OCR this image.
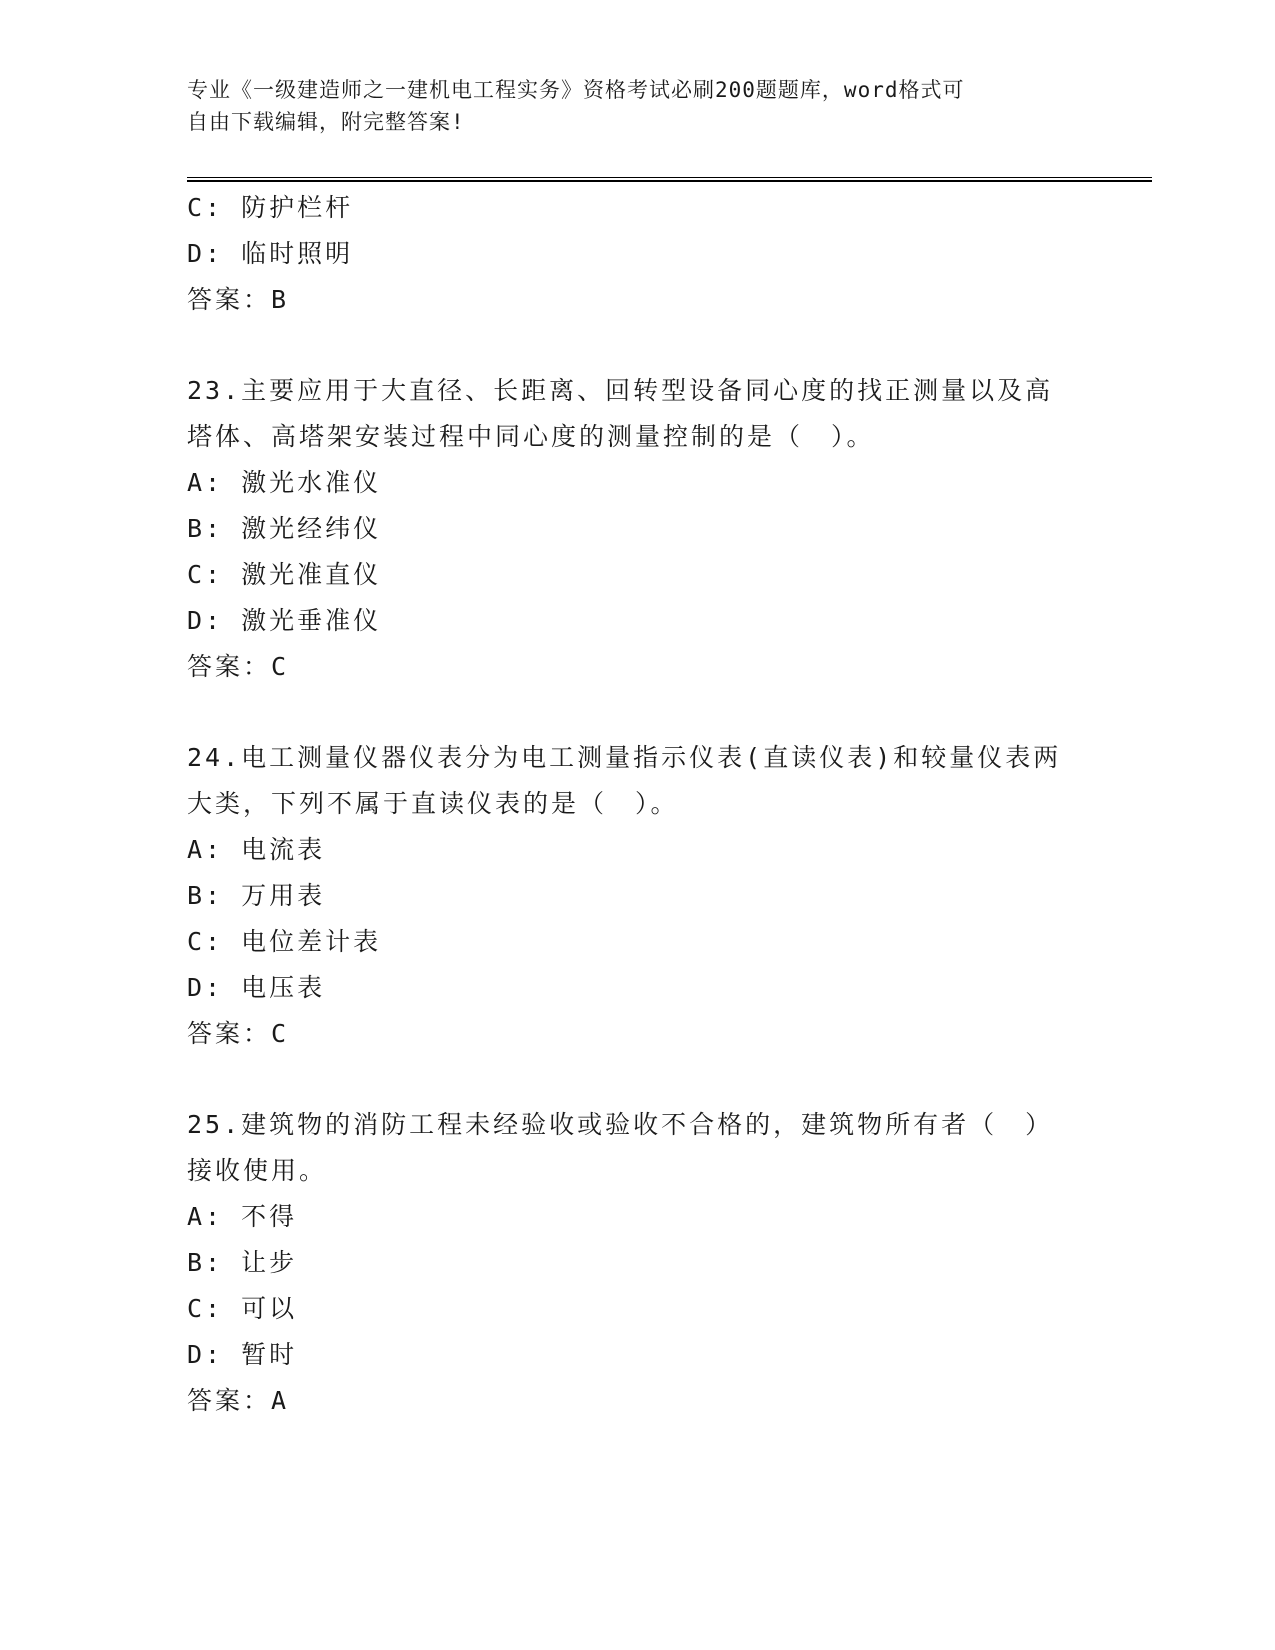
专业《一级建造师之一建机电工程实务》资格考试必刷200题题库，word格式可
自由下载编辑，附完整答案!
C: 防护栏杆
D: 临时照明
答案：B
23.主要应用于大直径、长距离、回转型设备同心度的找正测量以及高
塔体、高塔架安装过程中同心度的测量控制的是（　）。
A: 激光水准仪
B: 激光经纬仪
C: 激光准直仪
D: 激光垂准仪
答案：C
24.电工测量仪器仪表分为电工测量指示仪表(直读仪表)和较量仪表两
大类，下列不属于直读仪表的是（　）。
A: 电流表
B: 万用表
C: 电位差计表
D: 电压表
答案：C
25.建筑物的消防工程未经验收或验收不合格的，建筑物所有者（　）
接收使用。
A: 不得
B: 让步
C: 可以
D: 暂时
答案：A
